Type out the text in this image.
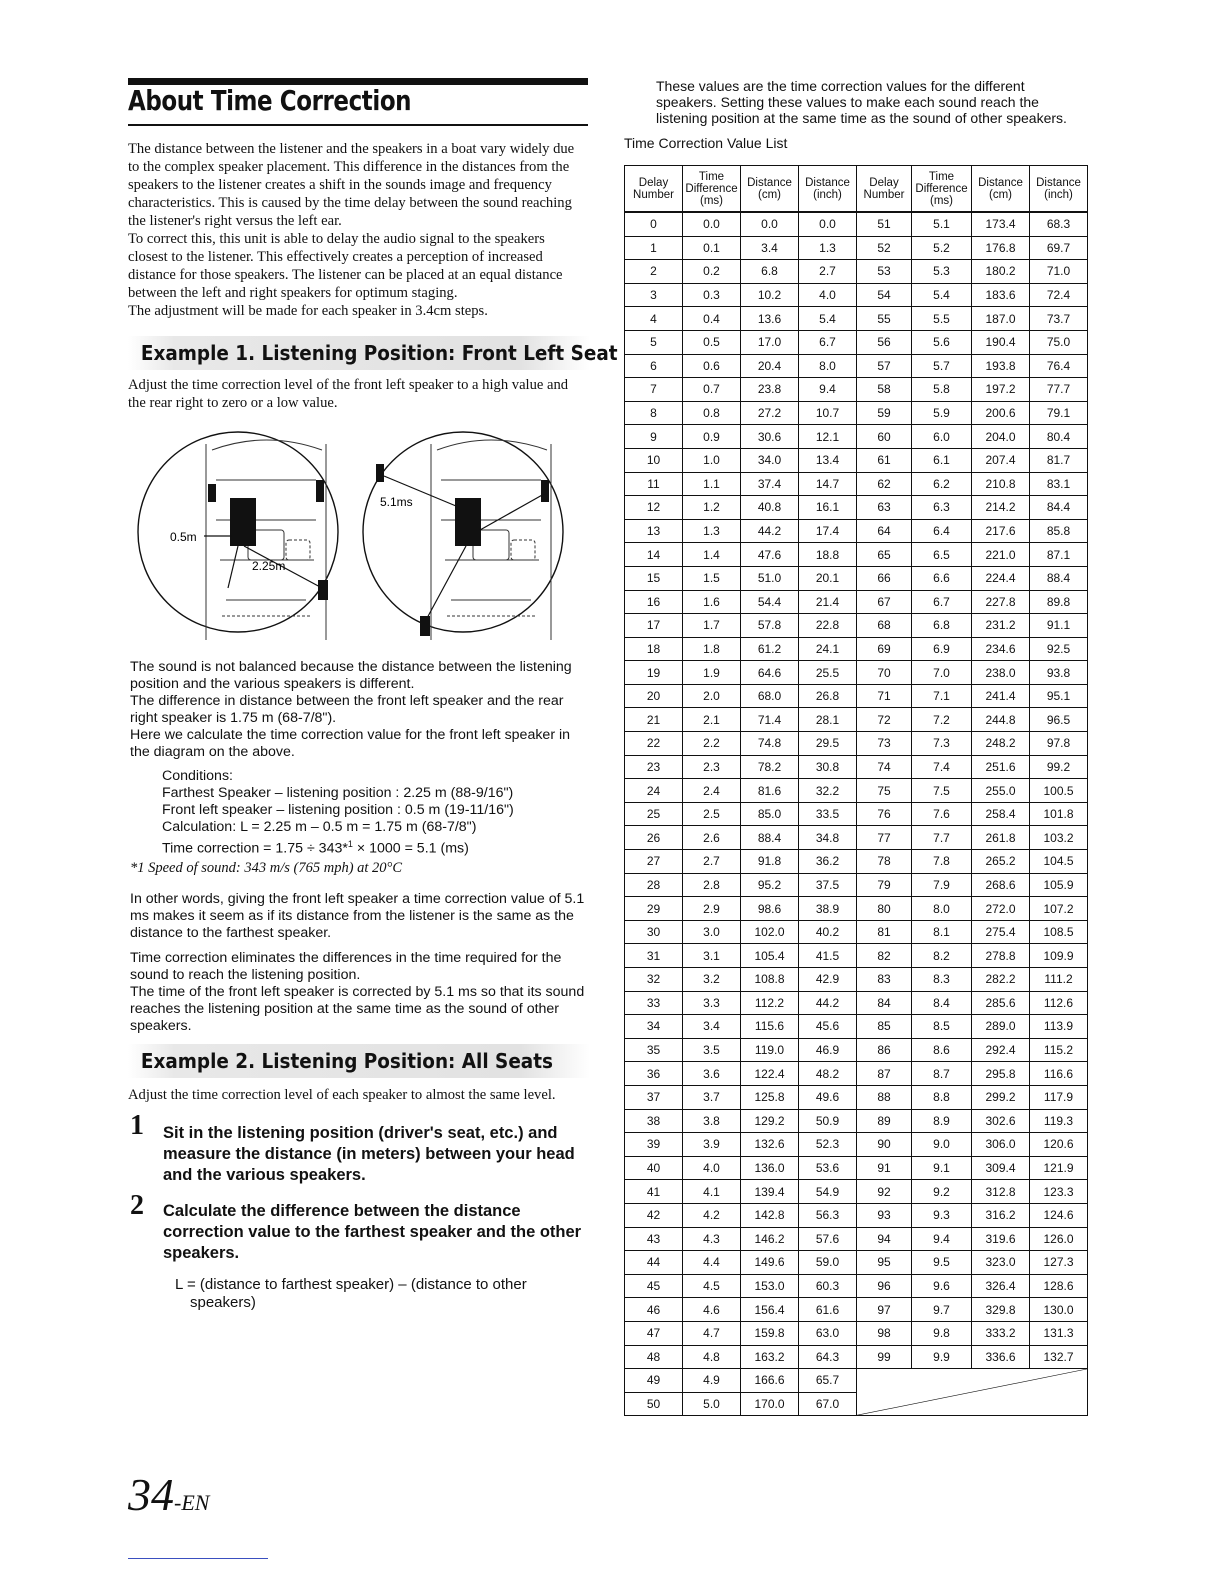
About Time Correction
The distance between the listener and the speakers in a boat vary widely due to the complex speaker placement. This difference in the distances from the speakers to the listener creates a shift in the sounds image and frequency characteristics. This is caused by the time delay between the sound reaching the listener's right versus the left ear.
To correct this, this unit is able to delay the audio signal to the speakers closest to the listener. This effectively creates a perception of increased distance for those speakers. The listener can be placed at an equal distance between the left and right speakers for optimum staging.
The adjustment will be made for each speaker in 3.4cm steps.
Example 1. Listening Position: Front Left Seat
Adjust the time correction level of the front left speaker to a high value and the rear right to zero or a low value.
0.5m
2.25m
5.1ms
The sound is not balanced because the distance between the listening position and the various speakers is different.
The difference in distance between the front left speaker and the rear right speaker is 1.75 m (68-7/8").
Here we calculate the time correction value for the front left speaker in the diagram on the above.
Conditions:
Farthest Speaker – listening position : 2.25 m (88-9/16")
Front left speaker – listening position : 0.5 m (19-11/16")
Calculation: L = 2.25 m – 0.5 m = 1.75 m (68-7/8")
Time correction = 1.75 ÷ 343*$^1$ × 1000 = 5.1 (ms)
*1 Speed of sound: 343 m/s (765 mph) at 20°C
In other words, giving the front left speaker a time correction value of 5.1 ms makes it seem as if its distance from the listener is the same as the distance to the farthest speaker.
Time correction eliminates the differences in the time required for the sound to reach the listening position.
The time of the front left speaker is corrected by 5.1 ms so that its sound reaches the listening position at the same time as the sound of other speakers.
Example 2. Listening Position: All Seats
Adjust the time correction level of each speaker to almost the same level.
1 Sit in the listening position (driver's seat, etc.) and measure the distance (in meters) between your head and the various speakers.
2 Calculate the difference between the distance correction value to the farthest speaker and the other speakers.
L = (distance to farthest speaker) – (distance to other speakers)
34-EN
These values are the time correction values for the different speakers. Setting these values to make each sound reach the listening position at the same time as the sound of other speakers.
Time Correction Value List
Delay Number	Time Difference (ms)	Distance (cm)	Distance (inch)	Delay Number	Time Difference (ms)	Distance (cm)	Distance (inch)
0	0.0	0.0	0.0	51	5.1	173.4	68.3
1	0.1	3.4	1.3	52	5.2	176.8	69.7
2	0.2	6.8	2.7	53	5.3	180.2	71.0
3	0.3	10.2	4.0	54	5.4	183.6	72.4
4	0.4	13.6	5.4	55	5.5	187.0	73.7
5	0.5	17.0	6.7	56	5.6	190.4	75.0
6	0.6	20.4	8.0	57	5.7	193.8	76.4
7	0.7	23.8	9.4	58	5.8	197.2	77.7
8	0.8	27.2	10.7	59	5.9	200.6	79.1
9	0.9	30.6	12.1	60	6.0	204.0	80.4
10	1.0	34.0	13.4	61	6.1	207.4	81.7
11	1.1	37.4	14.7	62	6.2	210.8	83.1
12	1.2	40.8	16.1	63	6.3	214.2	84.4
13	1.3	44.2	17.4	64	6.4	217.6	85.8
14	1.4	47.6	18.8	65	6.5	221.0	87.1
15	1.5	51.0	20.1	66	6.6	224.4	88.4
16	1.6	54.4	21.4	67	6.7	227.8	89.8
17	1.7	57.8	22.8	68	6.8	231.2	91.1
18	1.8	61.2	24.1	69	6.9	234.6	92.5
19	1.9	64.6	25.5	70	7.0	238.0	93.8
20	2.0	68.0	26.8	71	7.1	241.4	95.1
21	2.1	71.4	28.1	72	7.2	244.8	96.5
22	2.2	74.8	29.5	73	7.3	248.2	97.8
23	2.3	78.2	30.8	74	7.4	251.6	99.2
24	2.4	81.6	32.2	75	7.5	255.0	100.5
25	2.5	85.0	33.5	76	7.6	258.4	101.8
26	2.6	88.4	34.8	77	7.7	261.8	103.2
27	2.7	91.8	36.2	78	7.8	265.2	104.5
28	2.8	95.2	37.5	79	7.9	268.6	105.9
29	2.9	98.6	38.9	80	8.0	272.0	107.2
30	3.0	102.0	40.2	81	8.1	275.4	108.5
31	3.1	105.4	41.5	82	8.2	278.8	109.9
32	3.2	108.8	42.9	83	8.3	282.2	111.2
33	3.3	112.2	44.2	84	8.4	285.6	112.6
34	3.4	115.6	45.6	85	8.5	289.0	113.9
35	3.5	119.0	46.9	86	8.6	292.4	115.2
36	3.6	122.4	48.2	87	8.7	295.8	116.6
37	3.7	125.8	49.6	88	8.8	299.2	117.9
38	3.8	129.2	50.9	89	8.9	302.6	119.3
39	3.9	132.6	52.3	90	9.0	306.0	120.6
40	4.0	136.0	53.6	91	9.1	309.4	121.9
41	4.1	139.4	54.9	92	9.2	312.8	123.3
42	4.2	142.8	56.3	93	9.3	316.2	124.6
43	4.3	146.2	57.6	94	9.4	319.6	126.0
44	4.4	149.6	59.0	95	9.5	323.0	127.3
45	4.5	153.0	60.3	96	9.6	326.4	128.6
46	4.6	156.4	61.6	97	9.7	329.8	130.0
47	4.7	159.8	63.0	98	9.8	333.2	131.3
48	4.8	163.2	64.3	99	9.9	336.6	132.7
49	4.9	166.6	65.7	

50	5.0	170.0	67.0				
